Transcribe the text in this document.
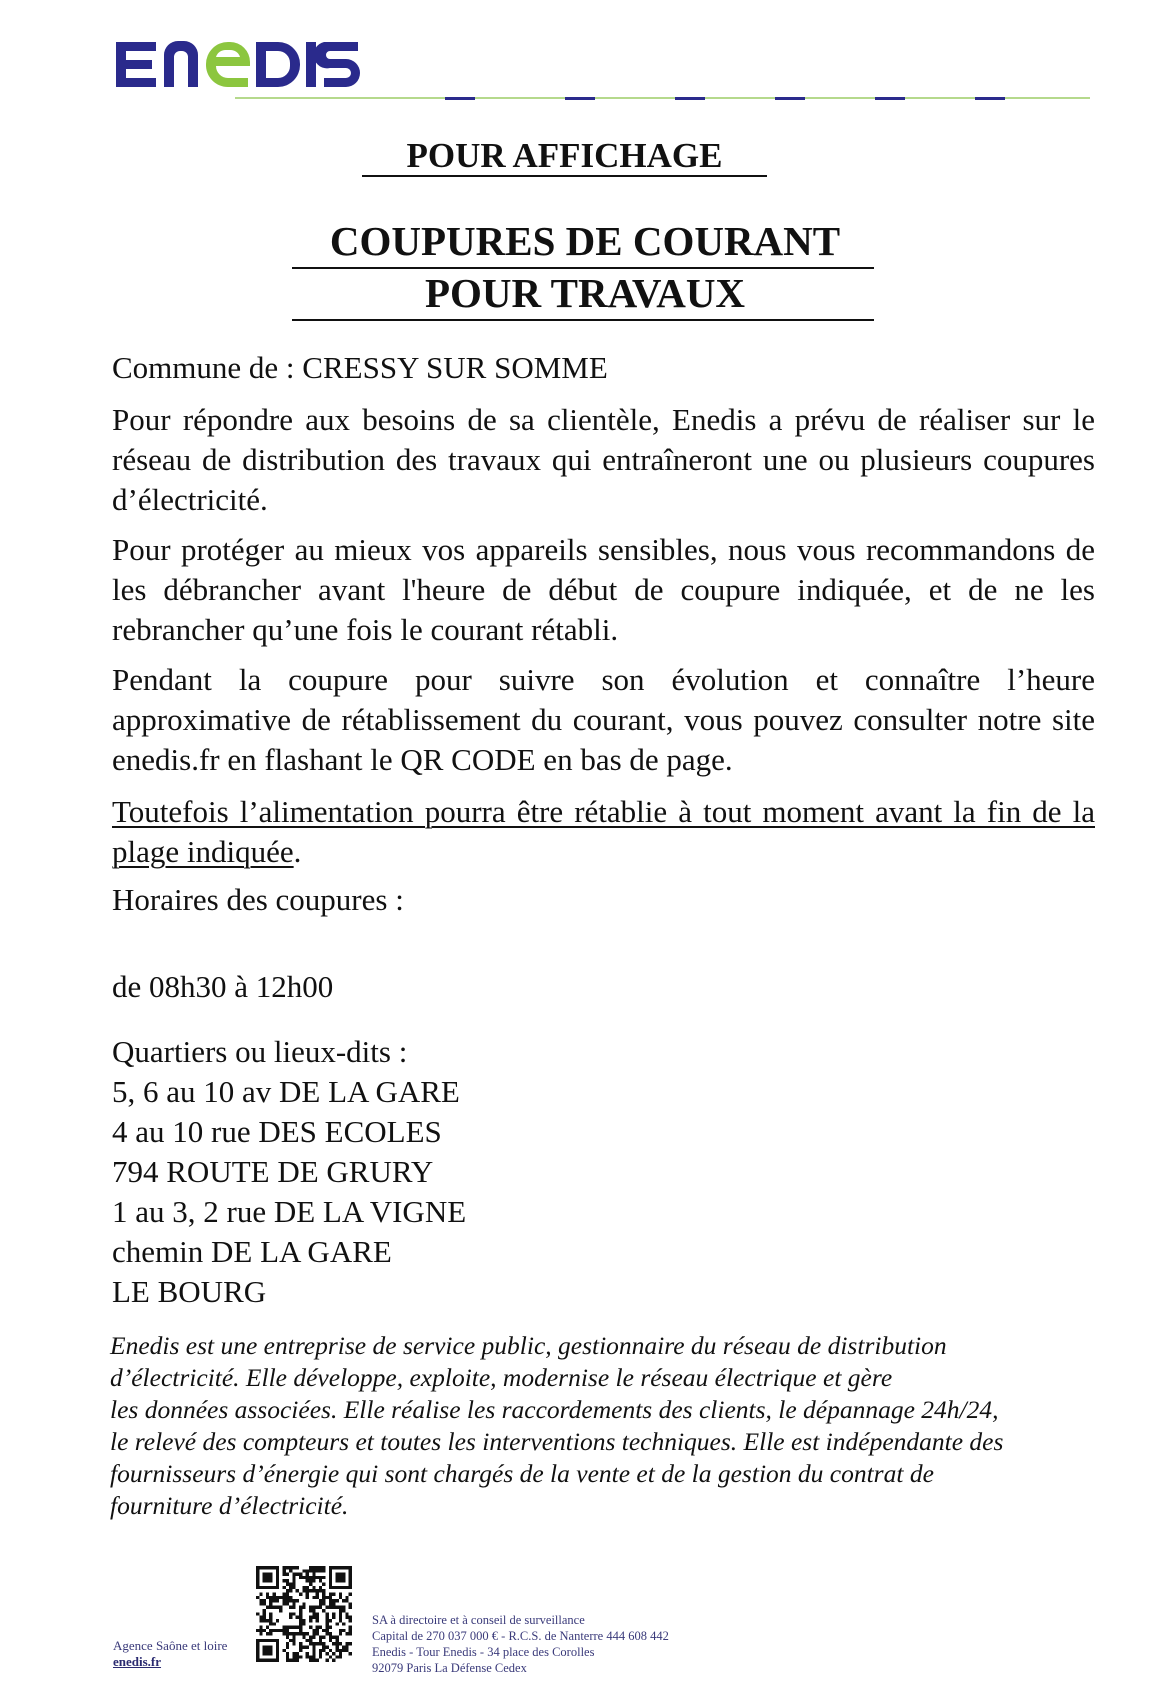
POUR AFFICHAGE
COUPURES DE COURANT
POUR TRAVAUX
Commune de : CRESSY SUR SOMME
Pour répondre aux besoins de sa clientèle, Enedis a prévu de réaliser sur le réseau de distribution des travaux qui entraîneront une ou plusieurs coupures d’électricité.
Pour protéger au mieux vos appareils sensibles, nous vous recommandons de les débrancher avant l'heure de début de coupure indiquée, et de ne les rebrancher qu’une fois le courant rétabli.
Pendant la coupure pour suivre son évolution et connaître l’heure approximative de rétablissement du courant, vous pouvez consulter notre site enedis.fr en flashant le QR CODE en bas de page.
Toutefois l’alimentation pourra être rétablie à tout moment avant la fin de la plage indiquée.
Horaires des coupures :
de 08h30 à 12h00
Quartiers ou lieux-dits :
5, 6 au 10 av DE LA GARE
4 au 10 rue DES ECOLES
794 ROUTE DE GRURY
1 au 3, 2 rue DE LA VIGNE
chemin DE LA GARE
LE BOURG
Enedis est une entreprise de service public, gestionnaire du réseau de distribution
d’électricité. Elle développe, exploite, modernise le réseau électrique et gère
les données associées. Elle réalise les raccordements des clients, le dépannage 24h/24,
le relevé des compteurs et toutes les interventions techniques. Elle est indépendante des
fournisseurs d’énergie qui sont chargés de la vente et de la gestion du contrat de
fourniture d’électricité.
Agence Saône et loire
enedis.fr
SA à directoire et à conseil de surveillance
Capital de 270 037 000 € - R.C.S. de Nanterre 444 608 442
Enedis - Tour Enedis - 34 place des Corolles
92079 Paris La Défense Cedex
